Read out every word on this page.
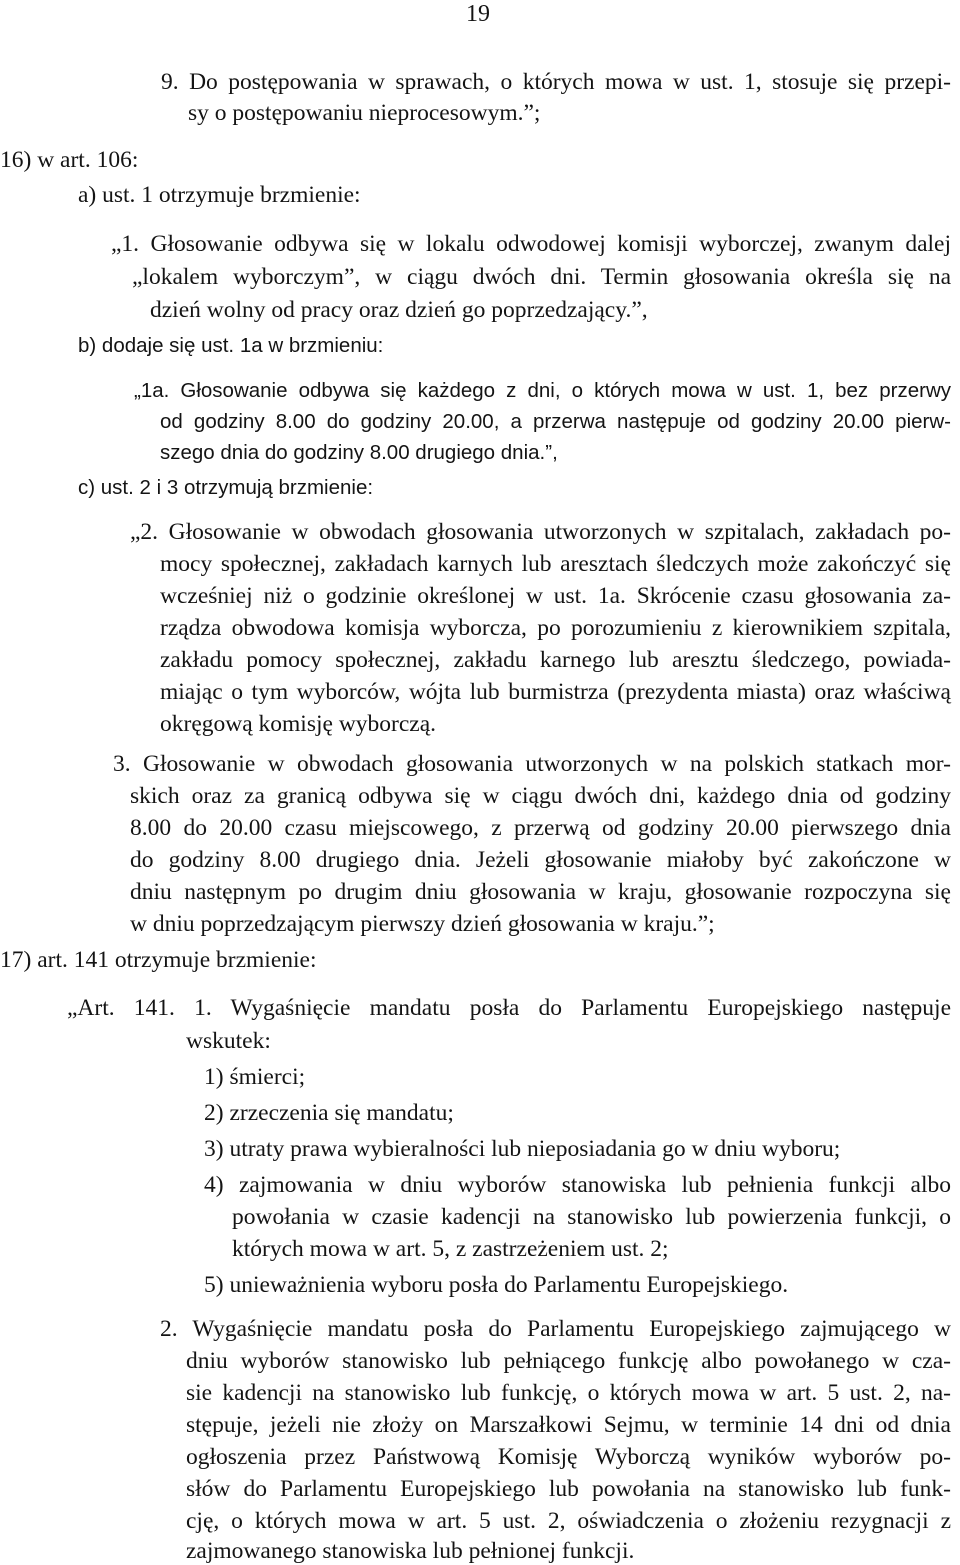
19
9. Do postępowania w sprawach, o których mowa w ust. 1, stosuje się przepi-
sy o postępowaniu nieprocesowym.”;
16) w art. 106:
a) ust. 1 otrzymuje brzmienie:
„1. Głosowanie odbywa się w lokalu odwodowej komisji wyborczej, zwanym dalej
„lokalem wyborczym”, w ciągu dwóch dni. Termin głosowania określa się na
dzień wolny od pracy oraz dzień go poprzedzający.”,
b) dodaje się ust. 1a w brzmieniu:
„1a. Głosowanie odbywa się każdego z dni, o których mowa w ust. 1, bez przerwy
od godziny 8.00 do godziny 20.00, a przerwa następuje od godziny 20.00 pierw-
szego dnia do godziny 8.00 drugiego dnia.”,
c) ust. 2 i 3 otrzymują brzmienie:
„2. Głosowanie w obwodach głosowania utworzonych w szpitalach, zakładach po-
mocy społecznej, zakładach karnych lub aresztach śledczych może zakończyć się
wcześniej niż o godzinie określonej w ust. 1a. Skrócenie czasu głosowania za-
rządza obwodowa komisja wyborcza, po porozumieniu z kierownikiem szpitala,
zakładu pomocy społecznej, zakładu karnego lub aresztu śledczego, powiada-
miając o tym wyborców, wójta lub burmistrza (prezydenta miasta) oraz właściwą
okręgową komisję wyborczą.
3. Głosowanie w obwodach głosowania utworzonych w na polskich statkach mor-
skich oraz za granicą odbywa się w ciągu dwóch dni, każdego dnia od godziny
8.00 do 20.00 czasu miejscowego, z przerwą od godziny 20.00 pierwszego dnia
do godziny 8.00 drugiego dnia. Jeżeli głosowanie miałoby być zakończone w
dniu następnym po drugim dniu głosowania w kraju, głosowanie rozpoczyna się
w dniu poprzedzającym pierwszy dzień głosowania w kraju.”;
17) art. 141 otrzymuje brzmienie:
„Art. 141. 1. Wygaśnięcie mandatu posła do Parlamentu Europejskiego następuje
wskutek:
1) śmierci;
2) zrzeczenia się mandatu;
3) utraty prawa wybieralności lub nieposiadania go w dniu wyboru;
4) zajmowania w dniu wyborów stanowiska lub pełnienia funkcji albo
powołania w czasie kadencji na stanowisko lub powierzenia funkcji, o
których mowa w art. 5, z zastrzeżeniem ust. 2;
5) unieważnienia wyboru posła do Parlamentu Europejskiego.
2. Wygaśnięcie mandatu posła do Parlamentu Europejskiego zajmującego w
dniu wyborów stanowisko lub pełniącego funkcję albo powołanego w cza-
sie kadencji na stanowisko lub funkcję, o których mowa w art. 5 ust. 2, na-
stępuje, jeżeli nie złoży on Marszałkowi Sejmu, w terminie 14 dni od dnia
ogłoszenia przez Państwową Komisję Wyborczą wyników wyborów po-
słów do Parlamentu Europejskiego lub powołania na stanowisko lub funk-
cję, o których mowa w art. 5 ust. 2, oświadczenia o złożeniu rezygnacji z
zajmowanego stanowiska lub pełnionej funkcji.
